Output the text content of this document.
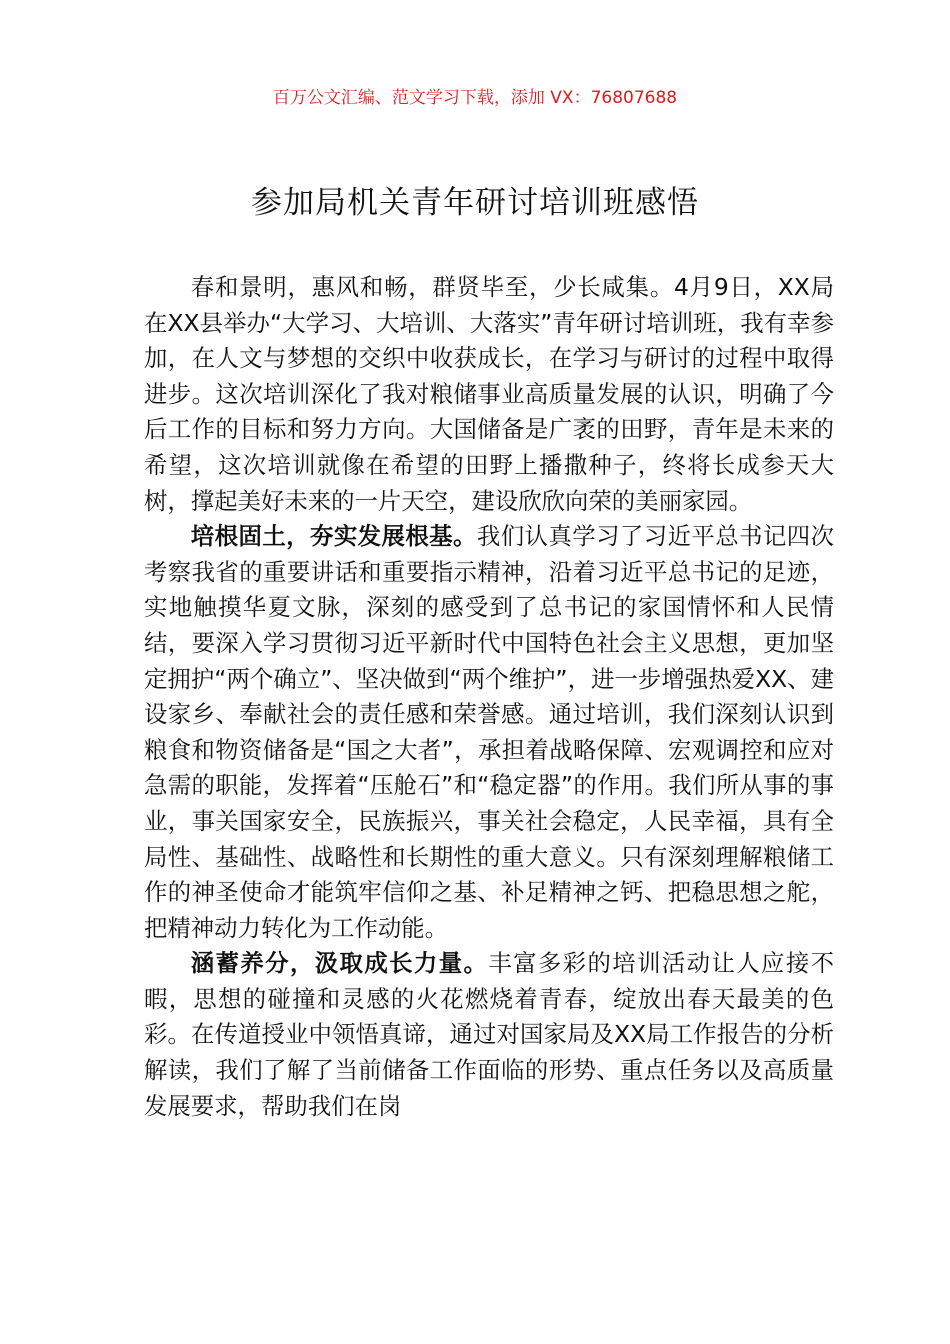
百万公文汇编、范文学习下载，添加 VX：76807688
参加局机关青年研讨培训班感悟

春和景明，惠风和畅，群贤毕至，少长咸集。4月9日，XX局在XX县举办“大学习、大培训、大落实”青年研讨培训班，我有幸参加，在人文与梦想的交织中收获成长，在学习与研讨的过程中取得进步。这次培训深化了我对粮储事业高质量发展的认识，明确了今后工作的目标和努力方向。大国储备是广袤的田野，青年是未来的希望，这次培训就像在希望的田野上播撒种子，终将长成参天大树，撑起美好未来的一片天空，建设欣欣向荣的美丽家园。

培根固土，夯实发展根基。我们认真学习了习近平总书记四次考察我省的重要讲话和重要指示精神，沿着习近平总书记的足迹，实地触摸华夏文脉，深刻的感受到了总书记的家国情怀和人民情结，要深入学习贯彻习近平新时代中国特色社会主义思想，更加坚定拥护“两个确立”、坚决做到“两个维护”，进一步增强热爱XX、建设家乡、奉献社会的责任感和荣誉感。通过培训，我们深刻认识到粮食和物资储备是“国之大者”，承担着战略保障、宏观调控和应对急需的职能，发挥着“压舱石”和“稳定器”的作用。我们所从事的事业，事关国家安全，民族振兴，事关社会稳定，人民幸福，具有全局性、基础性、战略性和长期性的重大意义。只有深刻理解粮储工作的神圣使命才能筑牢信仰之基、补足精神之钙、把稳思想之舵，把精神动力转化为工作动能。

涵蓄养分，汲取成长力量。丰富多彩的培训活动让人应接不暇，思想的碰撞和灵感的火花燃烧着青春，绽放出春天最美的色彩。在传道授业中领悟真谛，通过对国家局及XX局工作报告的分析解读，我们了解了当前储备工作面临的形势、重点任务以及高质量发展要求，帮助我们在岗
